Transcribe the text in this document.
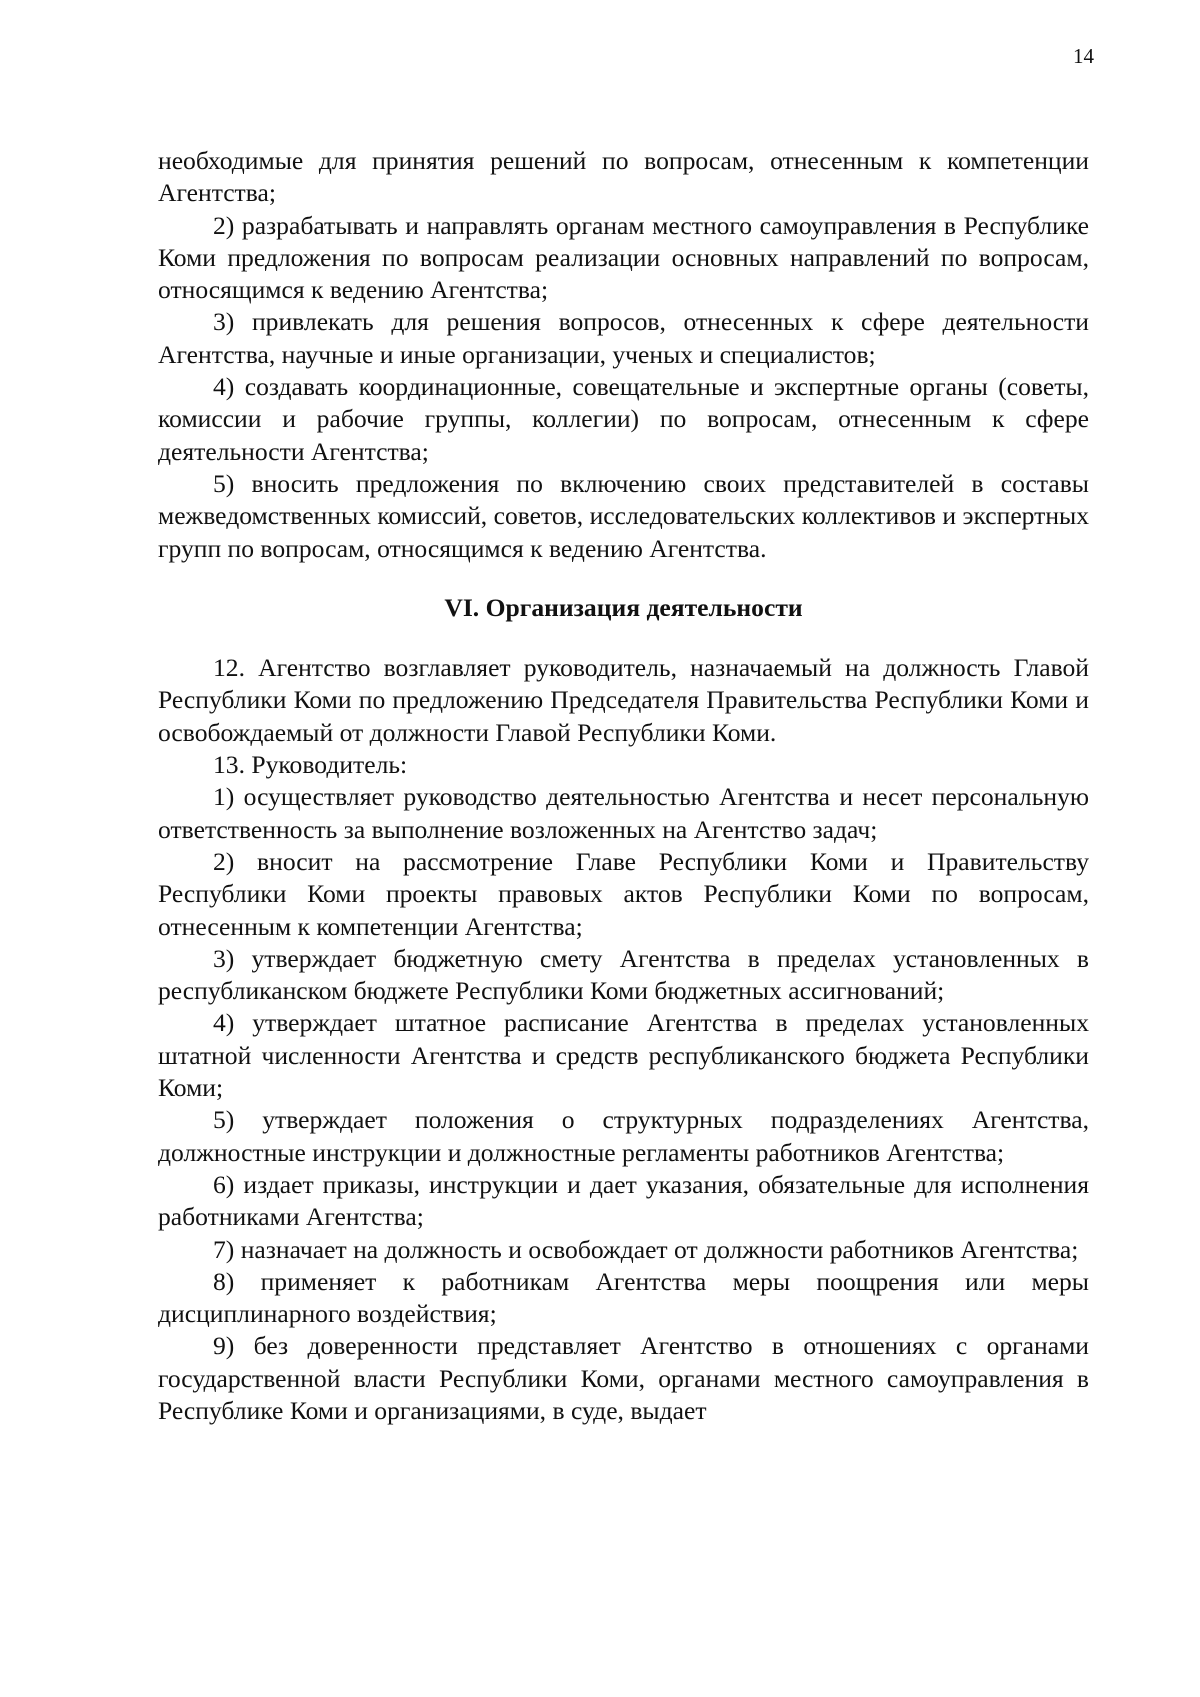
14

необходимые для принятия решений по вопросам, отнесенным к компетенции Агентства;

2) разрабатывать и направлять органам местного самоуправления в Республике Коми предложения по вопросам реализации основных направлений по вопросам, относящимся к ведению Агентства;

3) привлекать для решения вопросов, отнесенных к сфере деятельности Агентства, научные и иные организации, ученых и специалистов;

4) создавать координационные, совещательные и экспертные органы (советы, комиссии и рабочие группы, коллегии) по вопросам, отнесенным к сфере деятельности Агентства;

5) вносить предложения по включению своих представителей в составы межведомственных комиссий, советов, исследовательских коллективов и экспертных групп по вопросам, относящимся к ведению Агентства.

VI. Организация деятельности

12. Агентство возглавляет руководитель, назначаемый на должность Главой Республики Коми по предложению Председателя Правительства Республики Коми и освобождаемый от должности Главой Республики Коми.

13. Руководитель:

1) осуществляет руководство деятельностью Агентства и несет персональную ответственность за выполнение возложенных на Агентство задач;

2) вносит на рассмотрение Главе Республики Коми и Правительству Республики Коми проекты правовых актов Республики Коми по вопросам, отнесенным к компетенции Агентства;

3) утверждает бюджетную смету Агентства в пределах установленных в республиканском бюджете Республики Коми бюджетных ассигнований;

4) утверждает штатное расписание Агентства в пределах установленных штатной численности Агентства и средств республиканского бюджета Республики Коми;

5) утверждает положения о структурных подразделениях Агентства, должностные инструкции и должностные регламенты работников Агентства;

6) издает приказы, инструкции и дает указания, обязательные для исполнения работниками Агентства;

7) назначает на должность и освобождает от должности работников Агентства;

8) применяет к работникам Агентства меры поощрения или меры дисциплинарного воздействия;

9) без доверенности представляет Агентство в отношениях с органами государственной власти Республики Коми, органами местного самоуправления в Республике Коми и организациями, в суде, выдает
